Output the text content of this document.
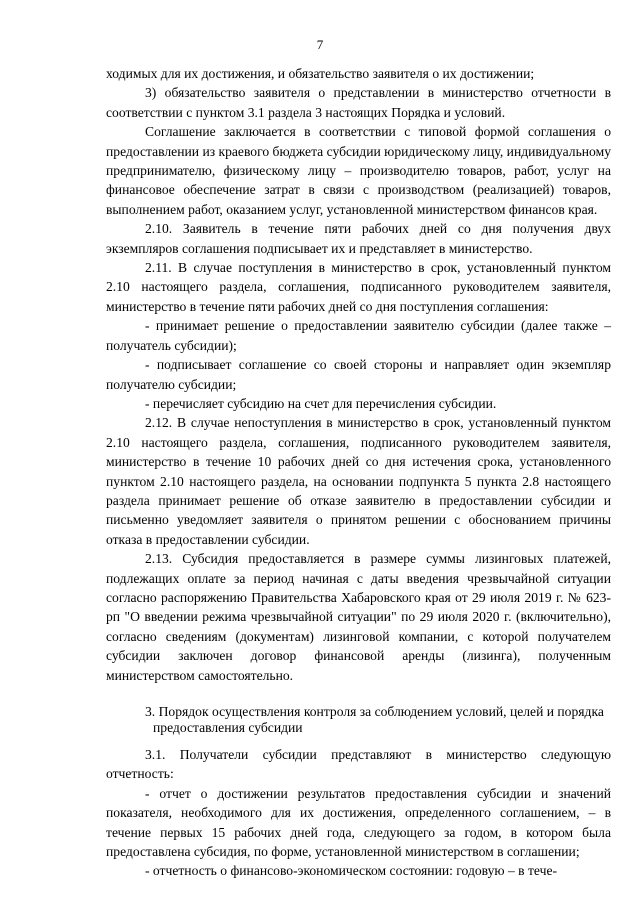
7

ходимых для их достижения, и обязательство заявителя о их достижении;

3) обязательство заявителя о представлении в министерство отчетности в соответствии с пунктом 3.1 раздела 3 настоящих Порядка и условий.

Соглашение заключается в соответствии с типовой формой соглашения о предоставлении из краевого бюджета субсидии юридическому лицу, индивидуальному предпринимателю, физическому лицу – производителю товаров, работ, услуг на финансовое обеспечение затрат в связи с производством (реализацией) товаров, выполнением работ, оказанием услуг, установленной министерством финансов края.

2.10. Заявитель в течение пяти рабочих дней со дня получения двух экземпляров соглашения подписывает их и представляет в министерство.

2.11. В случае поступления в министерство в срок, установленный пунктом 2.10 настоящего раздела, соглашения, подписанного руководителем заявителя, министерство в течение пяти рабочих дней со дня поступления соглашения:

- принимает решение о предоставлении заявителю субсидии (далее также – получатель субсидии);

- подписывает соглашение со своей стороны и направляет один экземпляр получателю субсидии;

- перечисляет субсидию на счет для перечисления субсидии.

2.12. В случае непоступления в министерство в срок, установленный пунктом 2.10 настоящего раздела, соглашения, подписанного руководителем заявителя, министерство в течение 10 рабочих дней со дня истечения срока, установленного пунктом 2.10 настоящего раздела, на основании подпункта 5 пункта 2.8 настоящего раздела принимает решение об отказе заявителю в предоставлении субсидии и письменно уведомляет заявителя о принятом решении с обоснованием причины отказа в предоставлении субсидии.

2.13. Субсидия предоставляется в размере суммы лизинговых платежей, подлежащих оплате за период начиная с даты введения чрезвычайной ситуации согласно распоряжению Правительства Хабаровского края от 29 июля 2019 г. № 623-рп "О введении режима чрезвычайной ситуации" по 29 июля 2020 г. (включительно), согласно сведениям (документам) лизинговой компании, с которой получателем субсидии заключен договор финансовой аренды (лизинга), полученным министерством самостоятельно.

3. Порядок осуществления контроля за соблюдением условий, целей и порядка предоставления субсидии

3.1. Получатели субсидии представляют в министерство следующую отчетность:

- отчет о достижении результатов предоставления субсидии и значений показателя, необходимого для их достижения, определенного соглашением, – в течение первых 15 рабочих дней года, следующего за годом, в котором была предоставлена субсидия, по форме, установленной министерством в соглашении;

- отчетность о финансово-экономическом состоянии: годовую – в тече-
